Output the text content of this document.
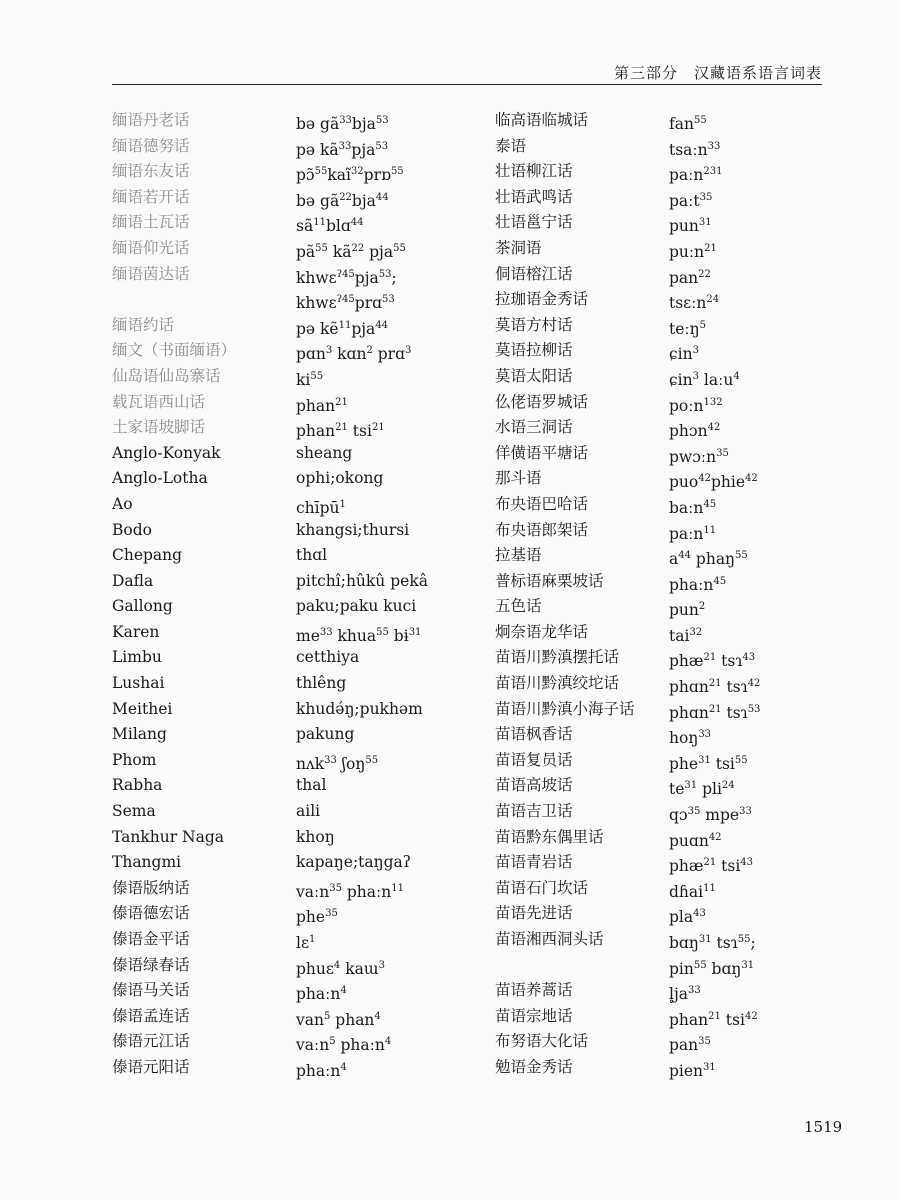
第三部分　汉藏语系语言词表
缅语丹老话	bə $gã^{33}bja^{53}$
缅语德努话	pə $kã^{33}pja^{53}$
缅语东友话	pɔ̃$^{55}$kaĩ$^{32}$prɒ$^{55}$
缅语若开话	bə $gã^{22}bja^{44}$
缅语土瓦话	$sã^{11}blɑ^{44}$
缅语仰光话	$pã^{55}$ $kã^{22}$ pja$^{55}$
缅语茵达话	khwɛ$^{ʔ45}$pja$^{53}$;
khwɛ$^{ʔ45}$prɑ$^{53}$
缅语约话	pə kẽ$^{11}$pja$^{44}$
缅文（书面缅语）	pɑn$^3$ kɑn$^2$ prɑ$^3$
仙岛语仙岛寨话	$ki^{55}$
载瓦语西山话	phan$^{21}$
土家语坡脚话	phan$^{21}$ tsi$^{21}$
Anglo-Konyak	sheang
Anglo-Lotha	ophi;okong
Ao	chīpū$^1$
Bodo	khangsi;thursi
Chepang	thɑl
Dafla	pitchî;hûkû pekâ
Gallong	paku;paku kuci
Karen	$me^{33}$ khua$^{55}$ bɨ$^{31}$
Limbu	cetthiya
Lushai	thlêng
Meithei	khudə́ŋ;pukhəm
Milang	pakung
Phom	nʌk$^{33}$ ʃoŋ$^{55}$
Rabha	thal
Sema	aili
Tankhur Naga	khoŋ
Thangmi	kapaŋe;taŋgaʔ
傣语版纳话	vaːn$^{35}$ phaːn$^{11}$
傣语德宏话	phe$^{35}$
傣语金平话	lɛ$^1$
傣语绿春话	phuɛ$^4$ kaɯ$^3$
傣语马关话	phaːn$^4$
傣语孟连话	van$^5$ phan$^4$
傣语元江话	vaːn$^5$ phaːn$^4$
傣语元阳话	phaːn$^4$
临高语临城话	fan$^{55}$
泰语	tsaːn$^{33}$
壮语柳江话	paːn$^{231}$
壮语武鸣话	paːt$^{35}$
壮语邕宁话	pun$^{31}$
茶洞语	puːn$^{21}$
侗语榕江话	pan$^{22}$
拉珈语金秀话	tsɛːn$^{24}$
莫语方村话	teːŋ$^5$
莫语拉柳话	ɕin$^3$
莫语太阳话	ɕin$^3$ laːu$^4$
仫佬语罗城话	poːn$^{132}$
水语三洞话	phɔn$^{42}$
佯僙语平塘话	pwɔːn$^{35}$
那斗语	puo$^{42}$phie$^{42}$
布央语巴哈话	baːn$^{45}$
布央语郎架话	paːn$^{11}$
拉基语	$a^{44}$ phaŋ$^{55}$
普标语麻栗坡话	phaːn$^{45}$
五色话	pun$^2$
炯奈语龙华话	tai$^{32}$
苗语川黔滇摆托话	phæ$^{21}$ tsɿ$^{43}$
苗语川黔滇绞坨话	phɑn$^{21}$ tsɿ$^{42}$
苗语川黔滇小海子话	phɑn$^{21}$ tsɿ$^{53}$
苗语枫香话	hoŋ$^{33}$
苗语复员话	phe$^{31}$ tsi$^{55}$
苗语高坡话	$te^{31}$ pli$^{24}$
苗语吉卫话	qɔ$^{35}$ mpe$^{33}$
苗语黔东偶里话	puɑn$^{42}$
苗语青岩话	phæ$^{21}$ tsi$^{43}$
苗语石门坎话	dɦai$^{11}$
苗语先进话	pla$^{43}$
苗语湘西洞头话	bɑŋ$^{31}$ tsɿ$^{55}$;
pin$^{55}$ bɑŋ$^{31}$
苗语养蒿话	$l̥ja^{33}$
苗语宗地话	phan$^{21}$ tsi$^{42}$
布努语大化话	pan$^{35}$
勉语金秀话	pien$^{31}$
1519
